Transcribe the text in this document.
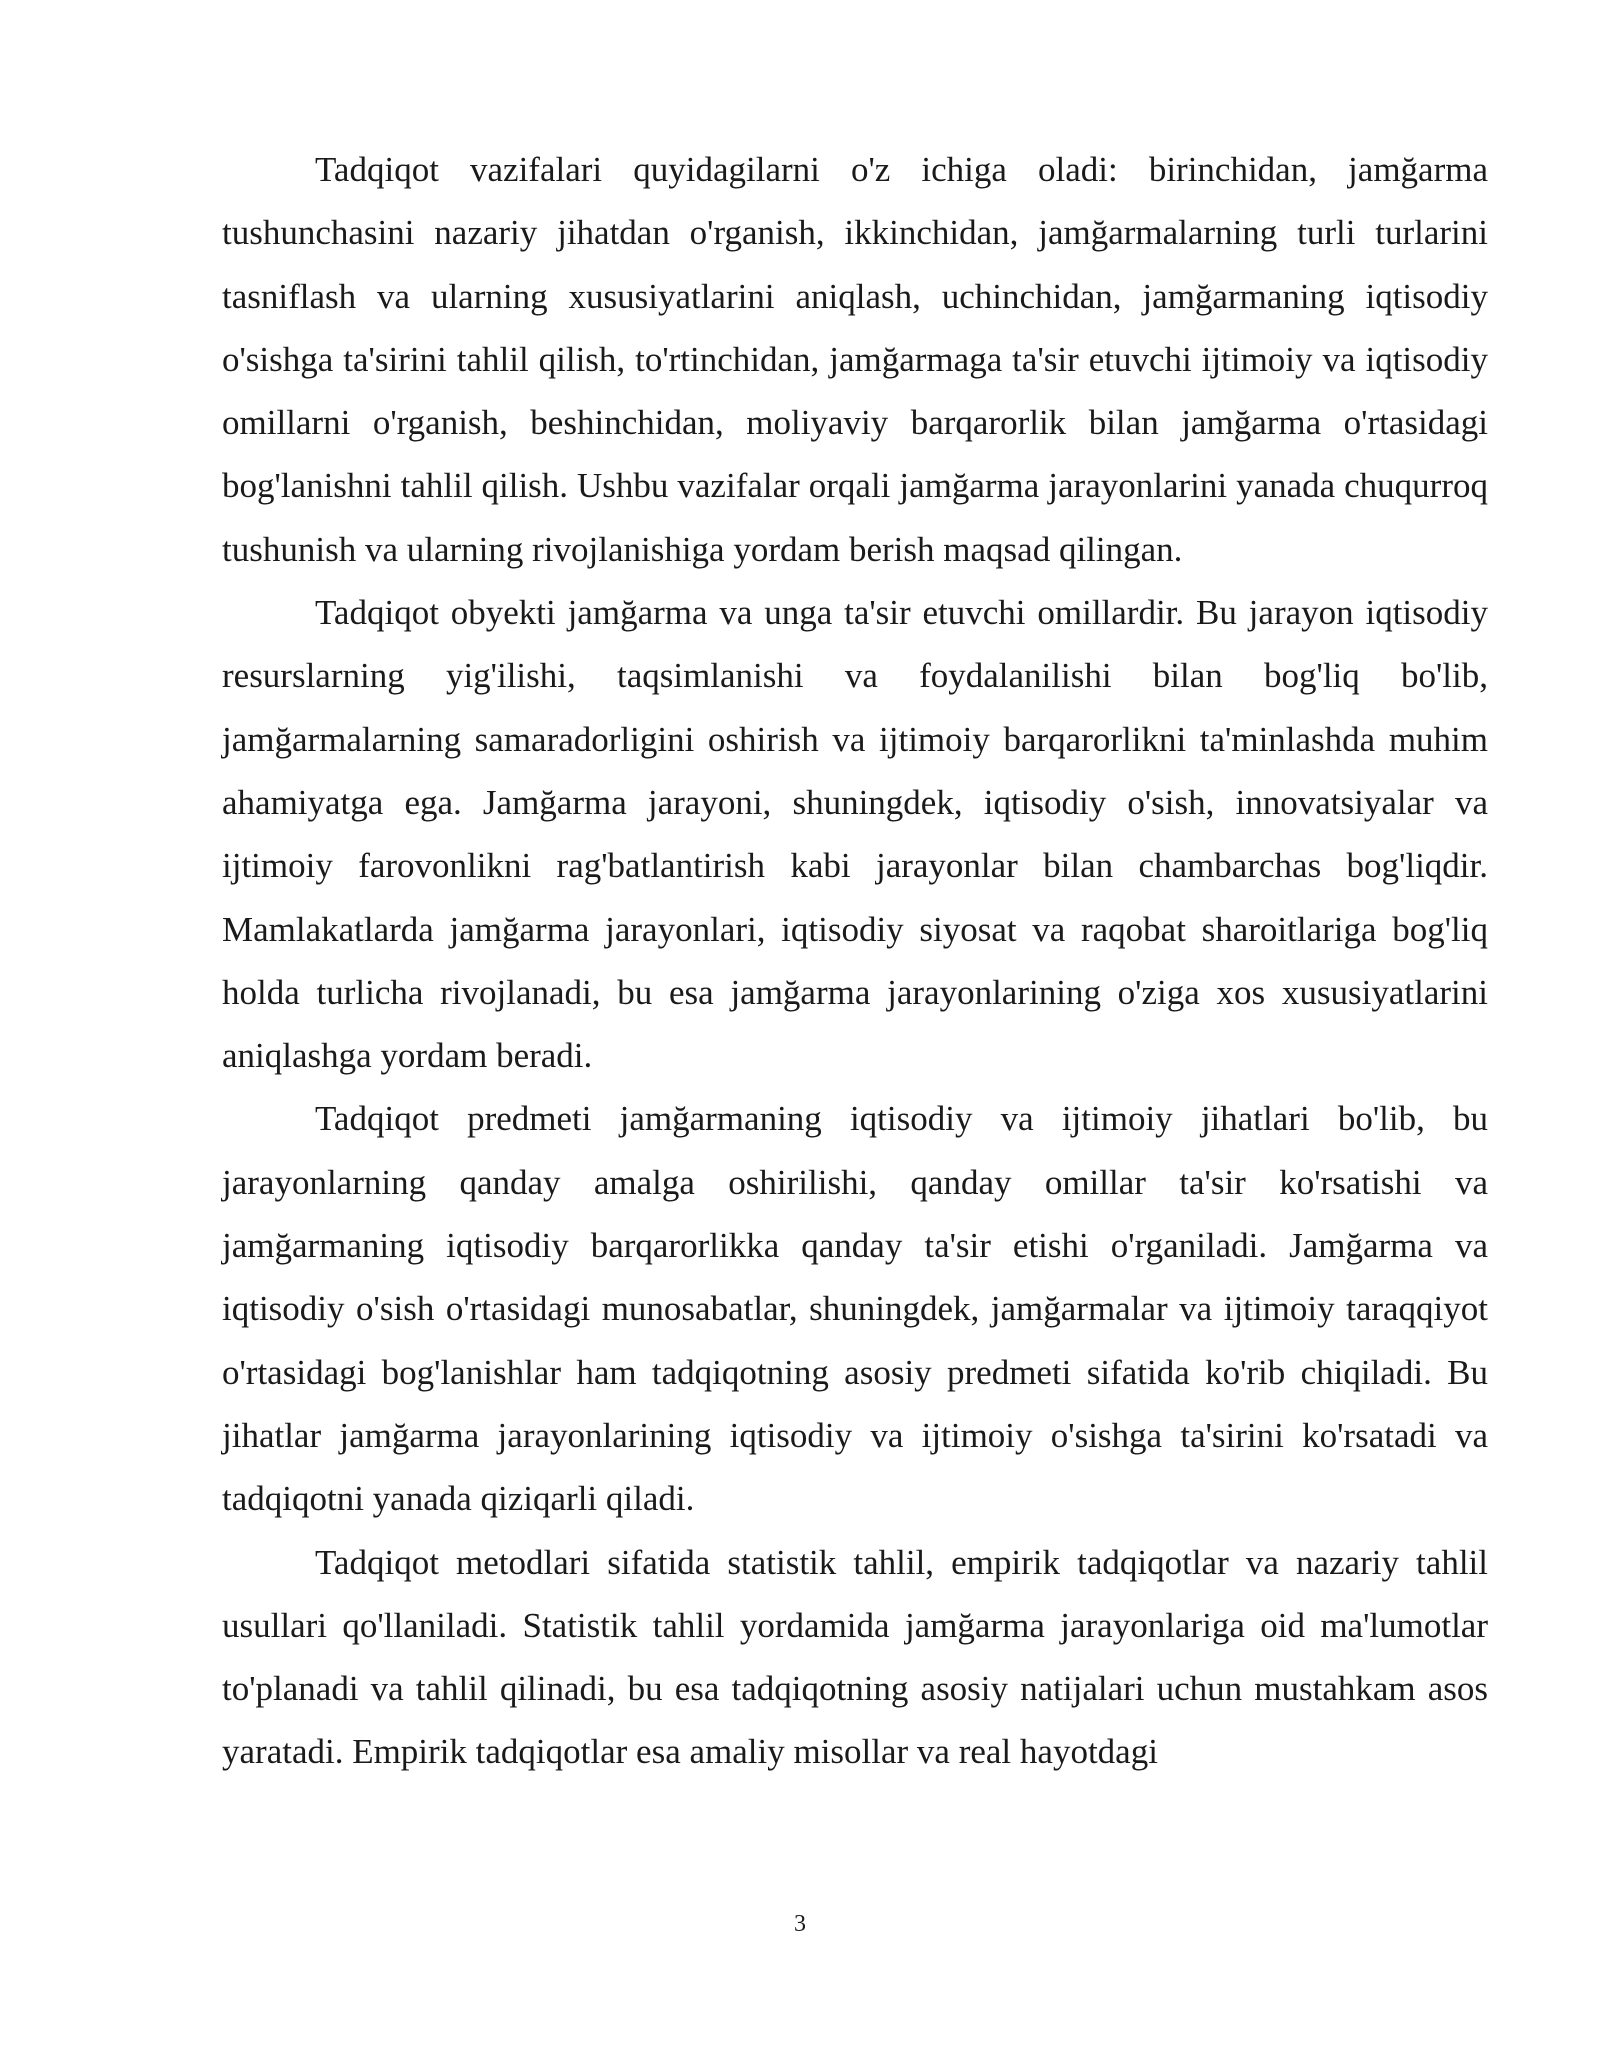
Tadqiqot vazifalari quyidagilarni o'z ichiga oladi: birinchidan, jamğarma tushunchasini nazariy jihatdan o'rganish, ikkinchidan, jamğarmalarning turli turlarini tasniflash va ularning xususiyatlarini aniqlash, uchinchidan, jamğarmaning iqtisodiy o'sishga ta'sirini tahlil qilish, to'rtinchidan, jamğarmaga ta'sir etuvchi ijtimoiy va iqtisodiy omillarni o'rganish, beshinchidan, moliyaviy barqarorlik bilan jamğarma o'rtasidagi bog'lanishni tahlil qilish. Ushbu vazifalar orqali jamğarma jarayonlarini yanada chuqurroq tushunish va ularning rivojlanishiga yordam berish maqsad qilingan.

Tadqiqot obyekti jamğarma va unga ta'sir etuvchi omillardir. Bu jarayon iqtisodiy resurslarning yig'ilishi, taqsimlanishi va foydalanilishi bilan bog'liq bo'lib, jamğarmalarning samaradorligini oshirish va ijtimoiy barqarorlikni ta'minlashda muhim ahamiyatga ega. Jamğarma jarayoni, shuningdek, iqtisodiy o'sish, innovatsiyalar va ijtimoiy farovonlikni rag'batlantirish kabi jarayonlar bilan chambarchas bog'liqdir. Mamlakatlarda jamğarma jarayonlari, iqtisodiy siyosat va raqobat sharoitlariga bog'liq holda turlicha rivojlanadi, bu esa jamğarma jarayonlarining o'ziga xos xususiyatlarini aniqlashga yordam beradi.

Tadqiqot predmeti jamğarmaning iqtisodiy va ijtimoiy jihatlari bo'lib, bu jarayonlarning qanday amalga oshirilishi, qanday omillar ta'sir ko'rsatishi va jamğarmaning iqtisodiy barqarorlikka qanday ta'sir etishi o'rganiladi. Jamğarma va iqtisodiy o'sish o'rtasidagi munosabatlar, shuningdek, jamğarmalar va ijtimoiy taraqqiyot o'rtasidagi bog'lanishlar ham tadqiqotning asosiy predmeti sifatida ko'rib chiqiladi. Bu jihatlar jamğarma jarayonlarining iqtisodiy va ijtimoiy o'sishga ta'sirini ko'rsatadi va tadqiqotni yanada qiziqarli qiladi.

Tadqiqot metodlari sifatida statistik tahlil, empirik tadqiqotlar va nazariy tahlil usullari qo'llaniladi. Statistik tahlil yordamida jamğarma jarayonlariga oid ma'lumotlar to'planadi va tahlil qilinadi, bu esa tadqiqotning asosiy natijalari uchun mustahkam asos yaratadi. Empirik tadqiqotlar esa amaliy misollar va real hayotdagi

3
